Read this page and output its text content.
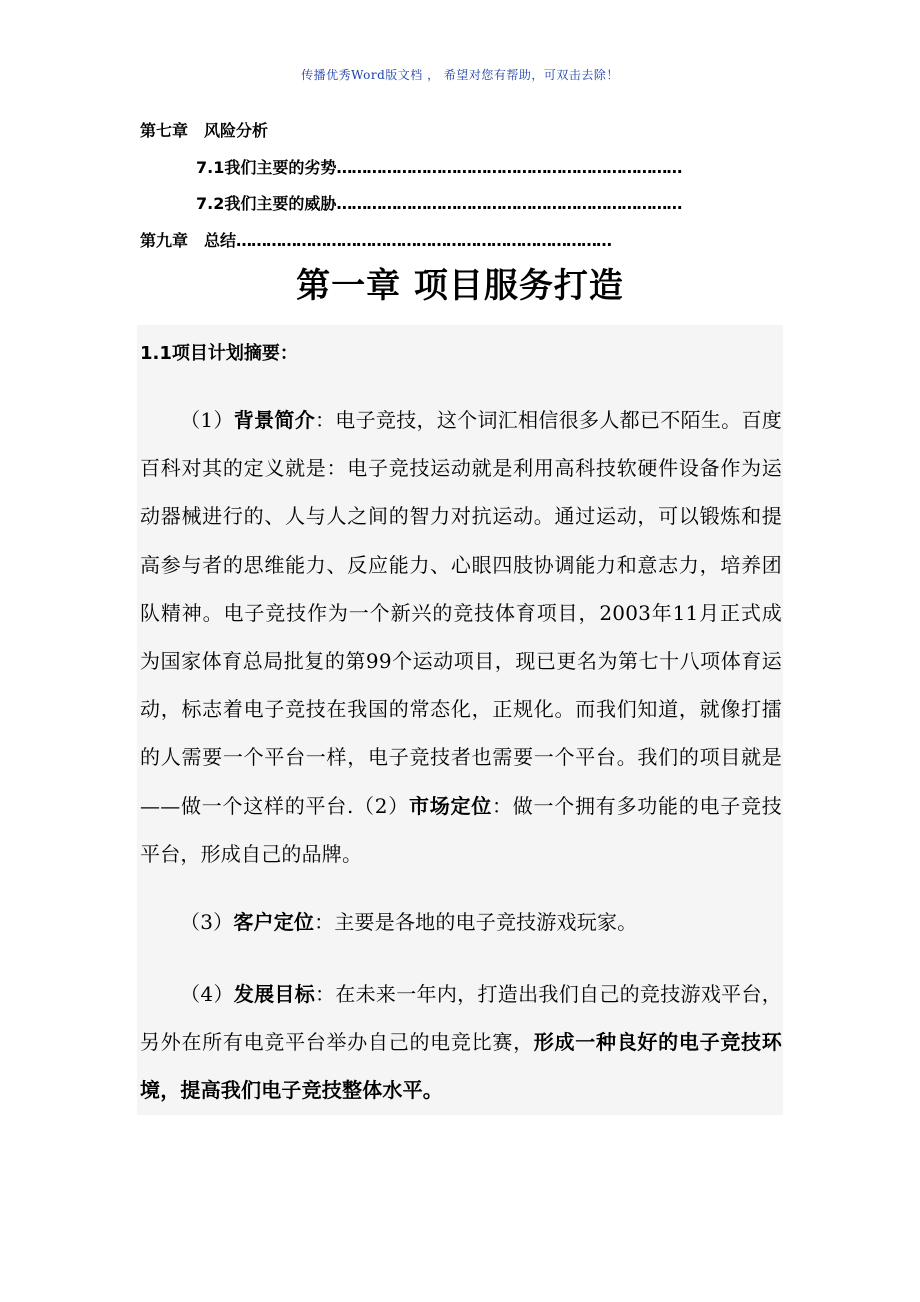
传播优秀Word版文档 ， 希望对您有帮助，可双击去除！
第七章　风险分析
7.1我们主要的劣势……………………………………………………………
7.2我们主要的威胁……………………………………………………………
第九章　总结…………………………………………………………………
第一章 项目服务打造
1.1项目计划摘要：
（1）背景简介：电子竞技，这个词汇相信很多人都已不陌生。百度百科对其的定义就是：电子竞技运动就是利用高科技软硬件设备作为运动器械进行的、人与人之间的智力对抗运动。通过运动，可以锻炼和提高参与者的思维能力、反应能力、心眼四肢协调能力和意志力，培养团队精神。电子竞技作为一个新兴的竞技体育项目，2003年11月正式成为国家体育总局批复的第99个运动项目，现已更名为第七十八项体育运动，标志着电子竞技在我国的常态化，正规化。而我们知道，就像打擂的人需要一个平台一样，电子竞技者也需要一个平台。我们的项目就是——做一个这样的平台.（2）市场定位：做一个拥有多功能的电子竞技平台，形成自己的品牌。
（3）客户定位：主要是各地的电子竞技游戏玩家。
（4）发展目标：在未来一年内，打造出我们自己的竞技游戏平台，另外在所有电竞平台举办自己的电竞比赛，形成一种良好的电子竞技环境，提高我们电子竞技整体水平。
